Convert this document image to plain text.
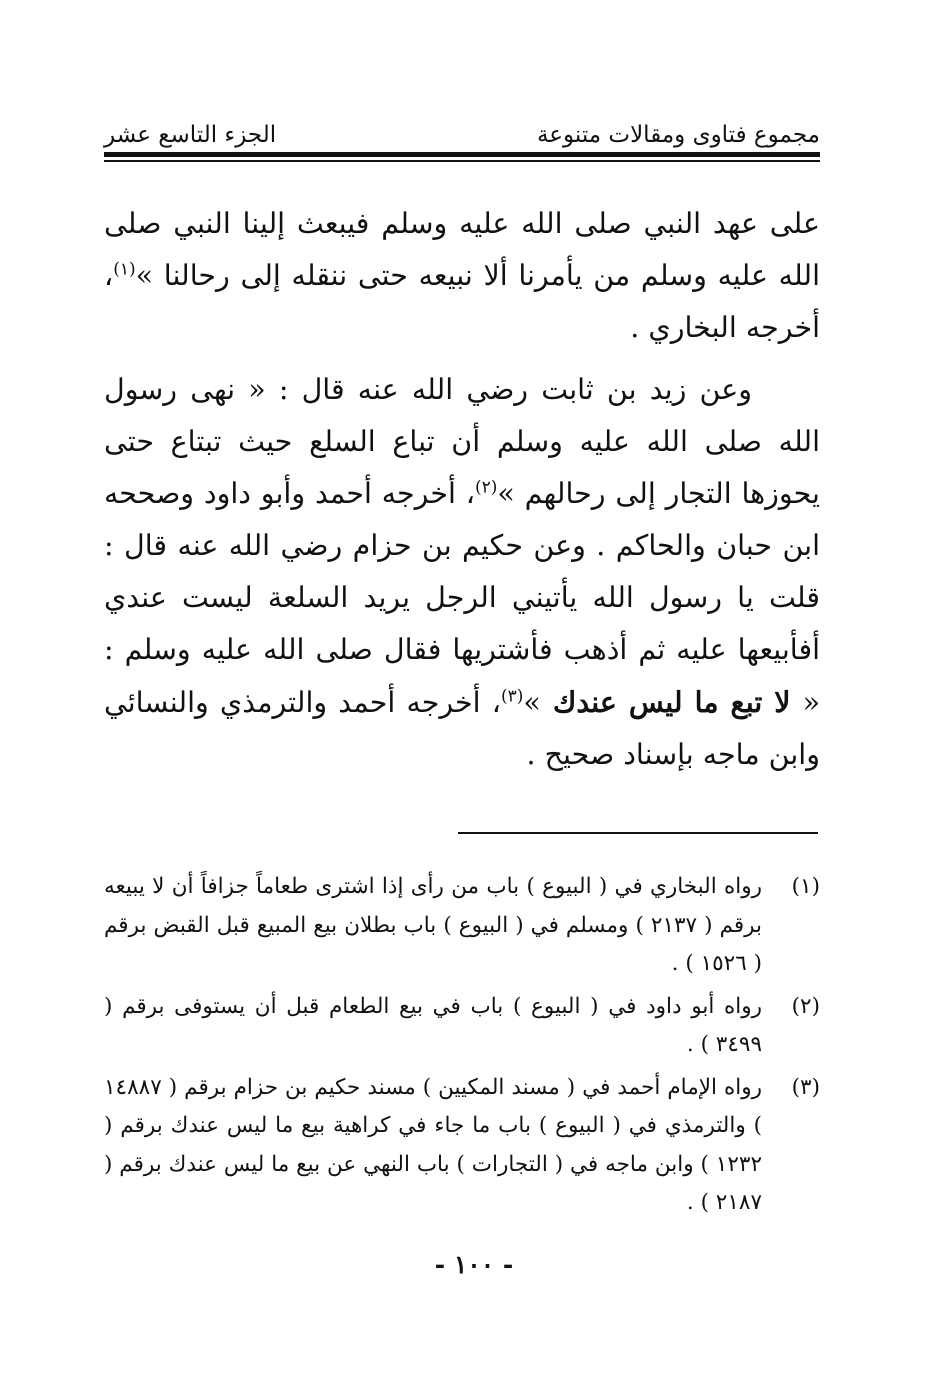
مجموع فتاوى ومقالات متنوعة
الجزء التاسع عشر

على عهد النبي صلى الله عليه وسلم فيبعث إلينا النبي صلى الله عليه وسلم من يأمرنا ألا نبيعه حتى ننقله إلى رحالنا »$^{(١)}$، أخرجه البخاري .

وعن زيد بن ثابت رضي الله عنه قال : « نهى رسول الله صلى الله عليه وسلم أن تباع السلع حيث تبتاع حتى يحوزها التجار إلى رحالهم »$^{(٢)}$، أخرجه أحمد وأبو داود وصححه ابن حبان والحاكم . وعن حكيم بن حزام رضي الله عنه قال : قلت يا رسول الله يأتيني الرجل يريد السلعة ليست عندي أفأبيعها عليه ثم أذهب فأشتريها فقال صلى الله عليه وسلم : « لا تبع ما ليس عندك »$^{(٣)}$، أخرجه أحمد والترمذي والنسائي وابن ماجه بإسناد صحيح .

(١)
رواه البخاري في ( البيوع ) باب من رأى إذا اشترى طعاماً جزافاً أن لا يبيعه برقم ( ٢١٣٧ ) ومسلم في ( البيوع ) باب بطلان بيع المبيع قبل القبض برقم ( ١٥٢٦ ) .
(٢)
رواه أبو داود في ( البيوع ) باب في بيع الطعام قبل أن يستوفى برقم ( ٣٤٩٩ ) .
(٣)
رواه الإمام أحمد في ( مسند المكيين ) مسند حكيم بن حزام برقم ( ١٤٨٨٧ ) والترمذي في ( البيوع ) باب ما جاء في كراهية بيع ما ليس عندك برقم ( ١٢٣٢ ) وابن ماجه في ( التجارات ) باب النهي عن بيع ما ليس عندك برقم ( ٢١٨٧ ) .
- ١٠٠ -
